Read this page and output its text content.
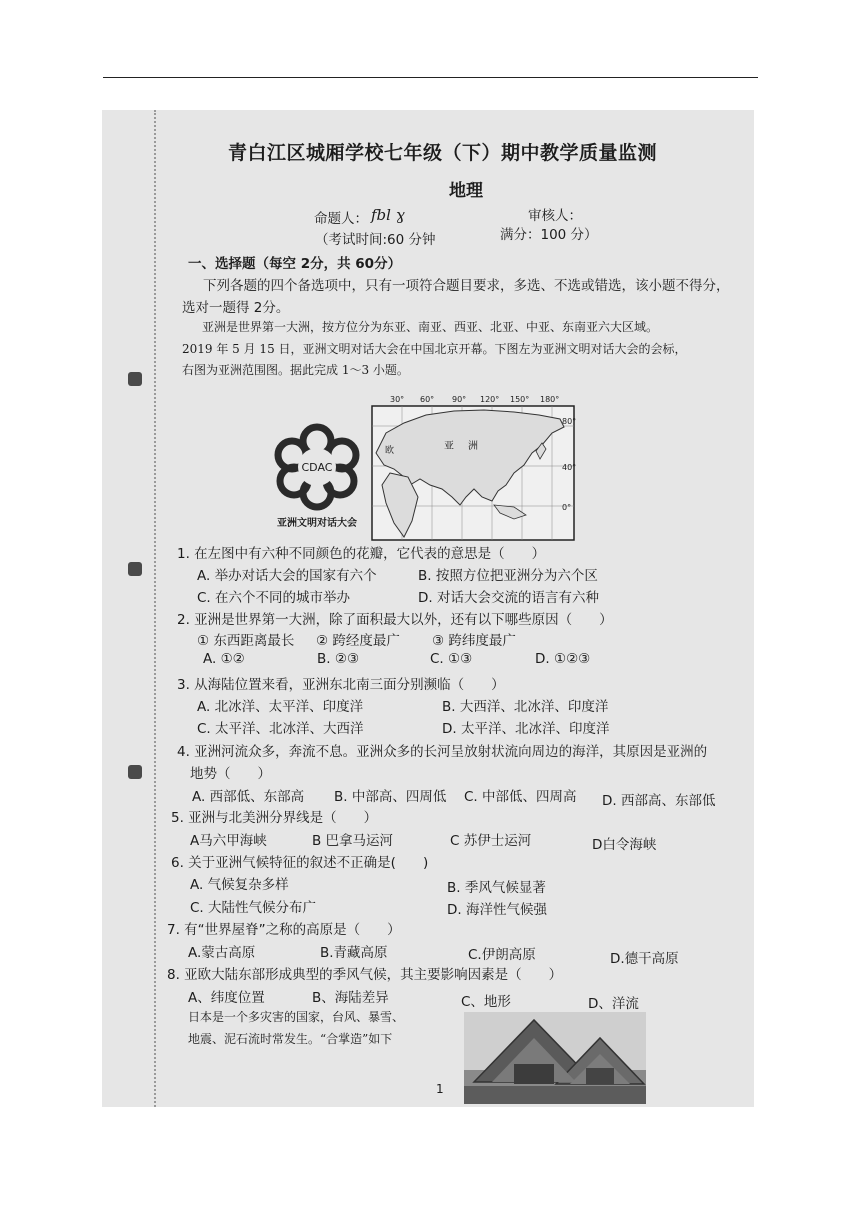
青白江区城厢学校七年级（下）期中教学质量监测
地理
命题人： fbl ɣ	审核人：
（考试时间:60 分钟	满分：100 分）
一、选择题（每空 2分，共 60分）
下列各题的四个备选项中，只有一项符合题目要求，多选、不选或错选，该小题不得分，
选对一题得 2分。
亚洲是世界第一大洲，按方位分为东亚、南亚、西亚、北亚、中亚、东南亚六大区域。
2019 年 5 月 15 日，亚洲文明对话大会在中国北京开幕。下图左为亚洲文明对话大会的会标，
右图为亚洲范围图。据此完成 1～3 小题。
CDAC
亚洲文明对话大会
30° 60° 90° 120° 150° 180°
欧	亚 洲
80°
40°
0°
1. 在左图中有六种不同颜色的花瓣，它代表的意思是（　　）
A. 举办对话大会的国家有六个	B. 按照方位把亚洲分为六个区
C. 在六个不同的城市举办	D. 对话大会交流的语言有六种
2. 亚洲是世界第一大洲，除了面积最大以外，还有以下哪些原因（　　）
① 东西距离最长 ② 跨经度最广 ③ 跨纬度最广
A. ①②	B. ②③	C. ①③	D. ①②③
3. 从海陆位置来看，亚洲东北南三面分别濒临（　　）
A. 北冰洋、太平洋、印度洋	B. 大西洋、北冰洋、印度洋
C. 太平洋、北冰洋、大西洋	D. 太平洋、北冰洋、印度洋
4. 亚洲河流众多，奔流不息。亚洲众多的长河呈放射状流向周边的海洋，其原因是亚洲的
地势（　　）
A. 西部低、东部高 B. 中部高、四周低 C. 中部低、四周高 D. 西部高、东部低
5. 亚洲与北美洲分界线是（　　）
A马六甲海峡	B 巴拿马运河	C 苏伊士运河	D白令海峡
6. 关于亚洲气候特征的叙述不正确是(　　)
A. 气候复杂多样	B. 季风气候显著
C. 大陆性气候分布广	D. 海洋性气候强
7. 有“世界屋脊”之称的高原是（　　）
A.蒙古高原	B.青藏高原	C.伊朗高原	D.德干高原
8. 亚欧大陆东部形成典型的季风气候，其主要影响因素是（　　）
A、纬度位置	B、海陆差异	C、地形	D、洋流
日本是一个多灾害的国家，台风、暴雪、
地震、泥石流时常发生。“合掌造”如下
1
